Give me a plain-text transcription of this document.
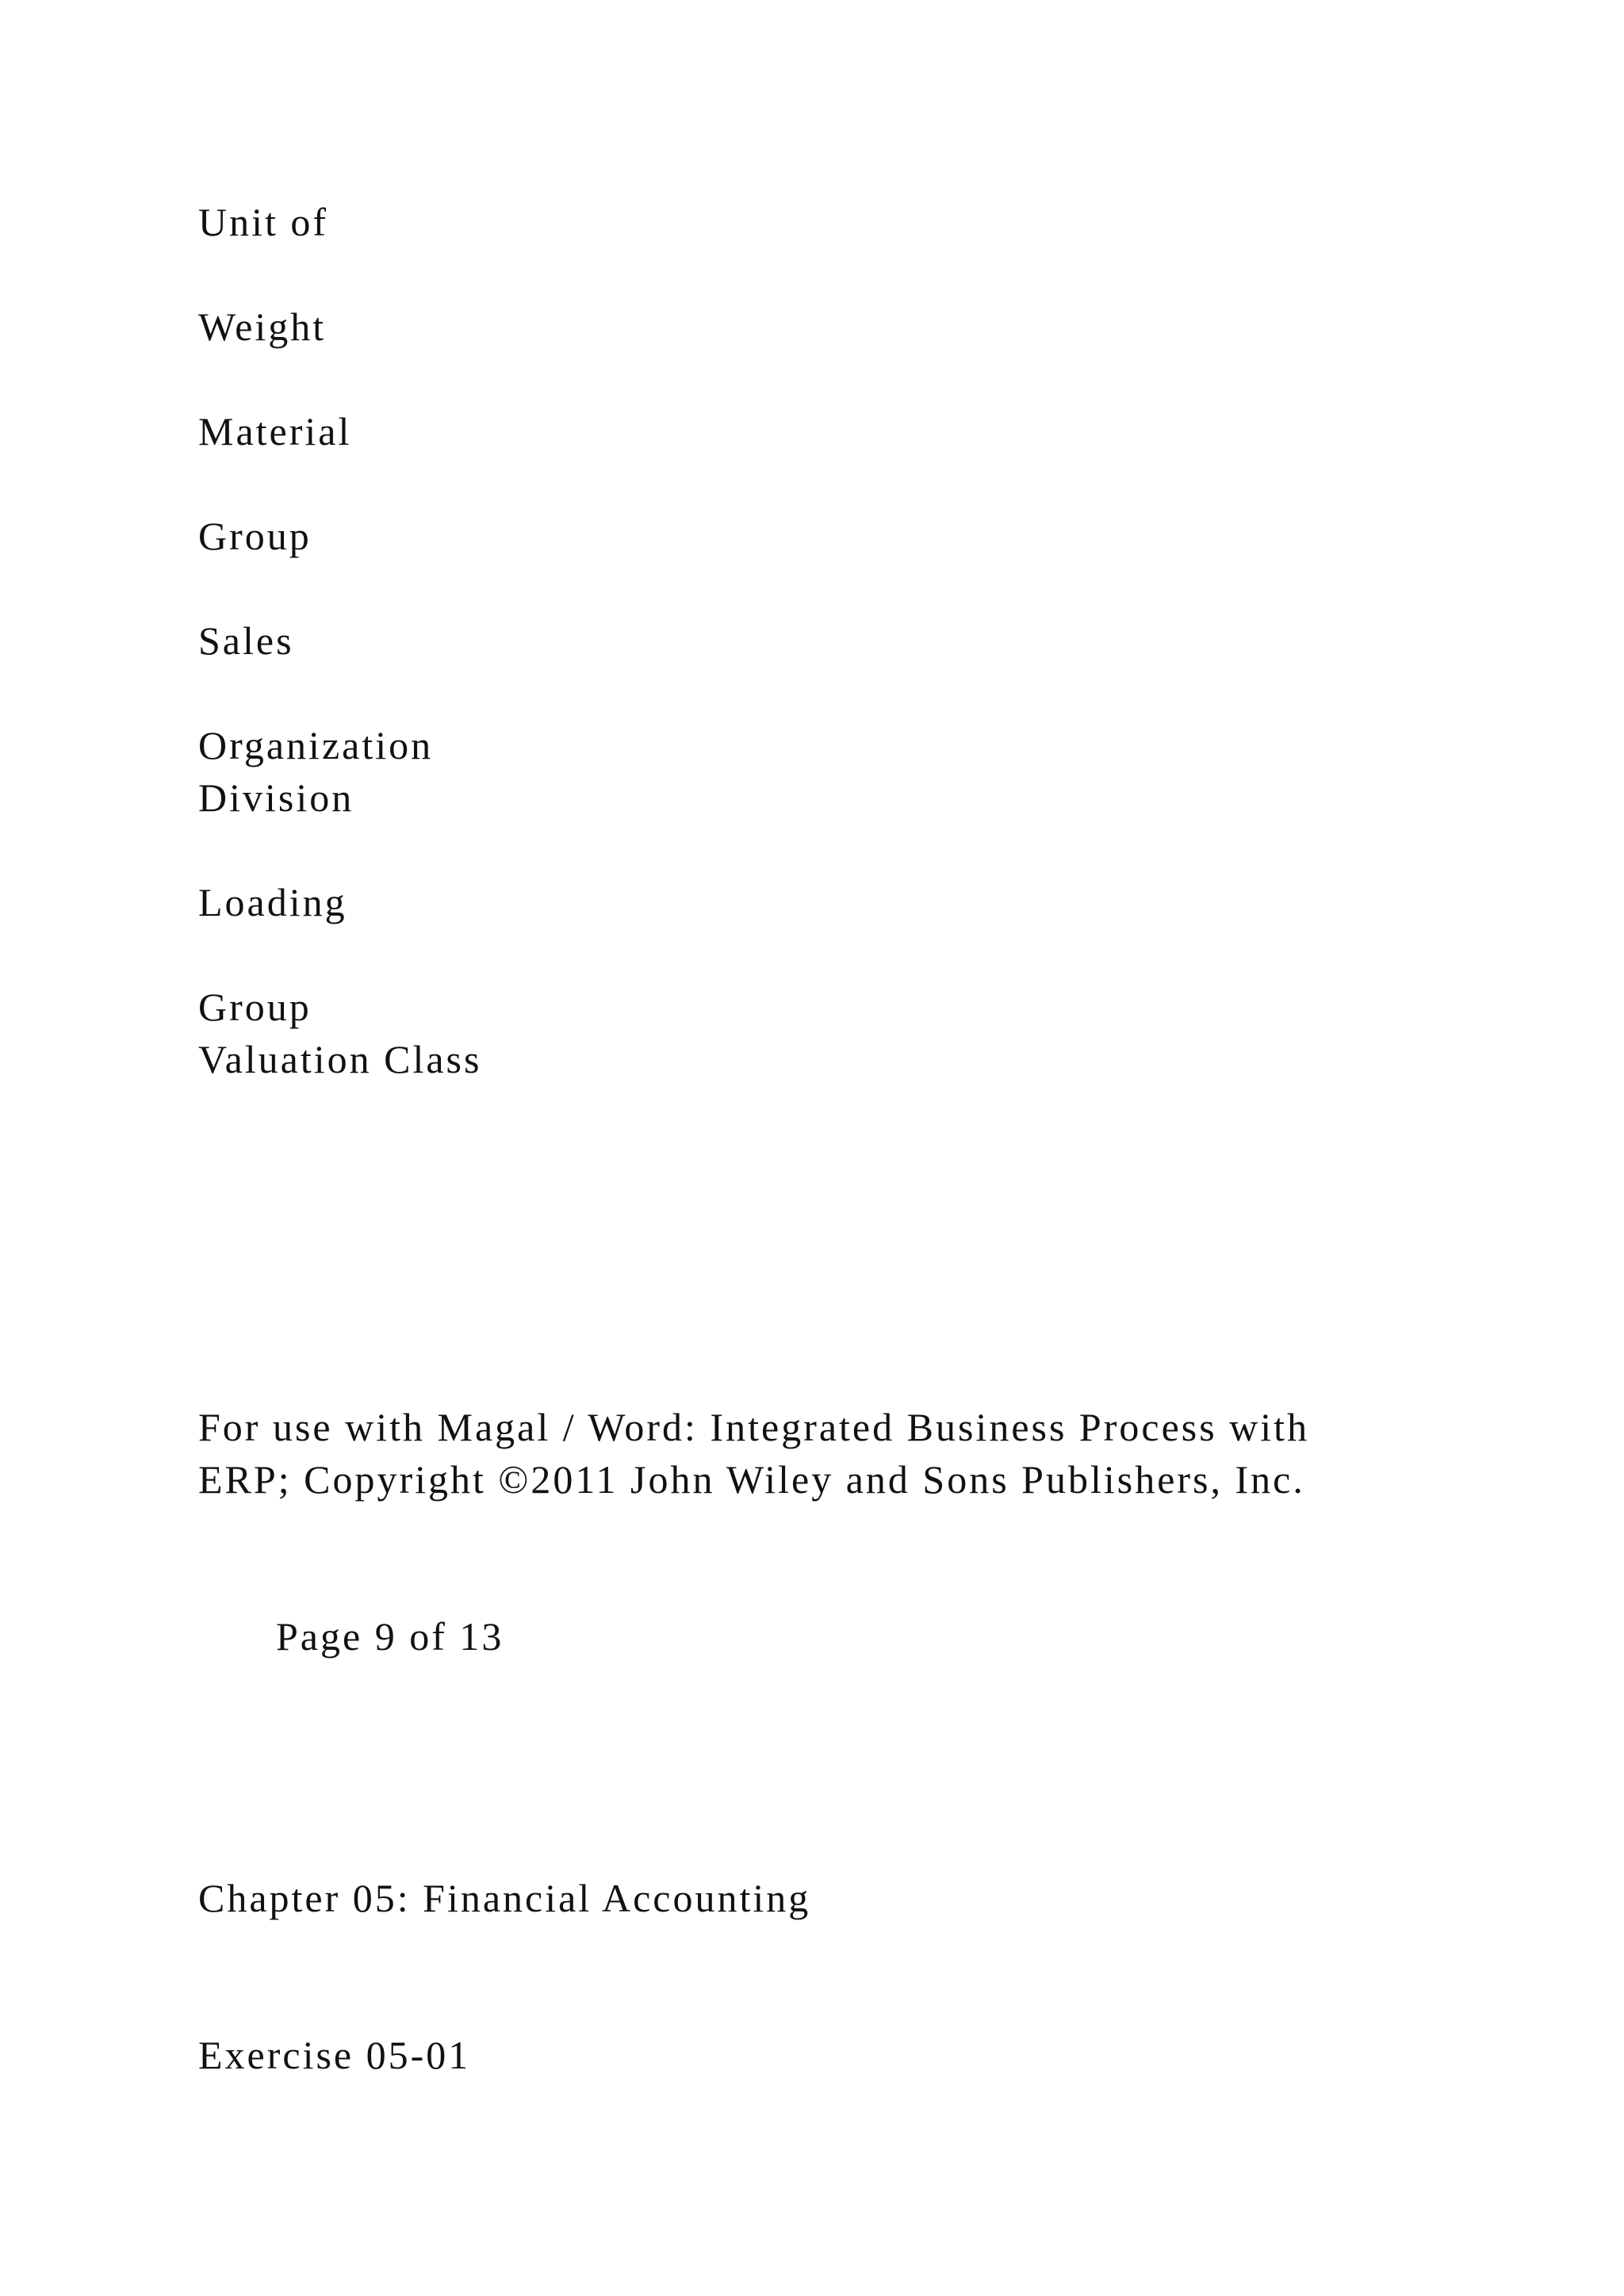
Unit of
Weight
Material
Group
Sales
Organization
Division
Loading
Group
Valuation Class
For use with Magal / Word: Integrated Business Process with
ERP; Copyright ©2011 John Wiley and Sons Publishers, Inc.
Page 9 of 13
Chapter 05: Financial Accounting
Exercise 05-01
